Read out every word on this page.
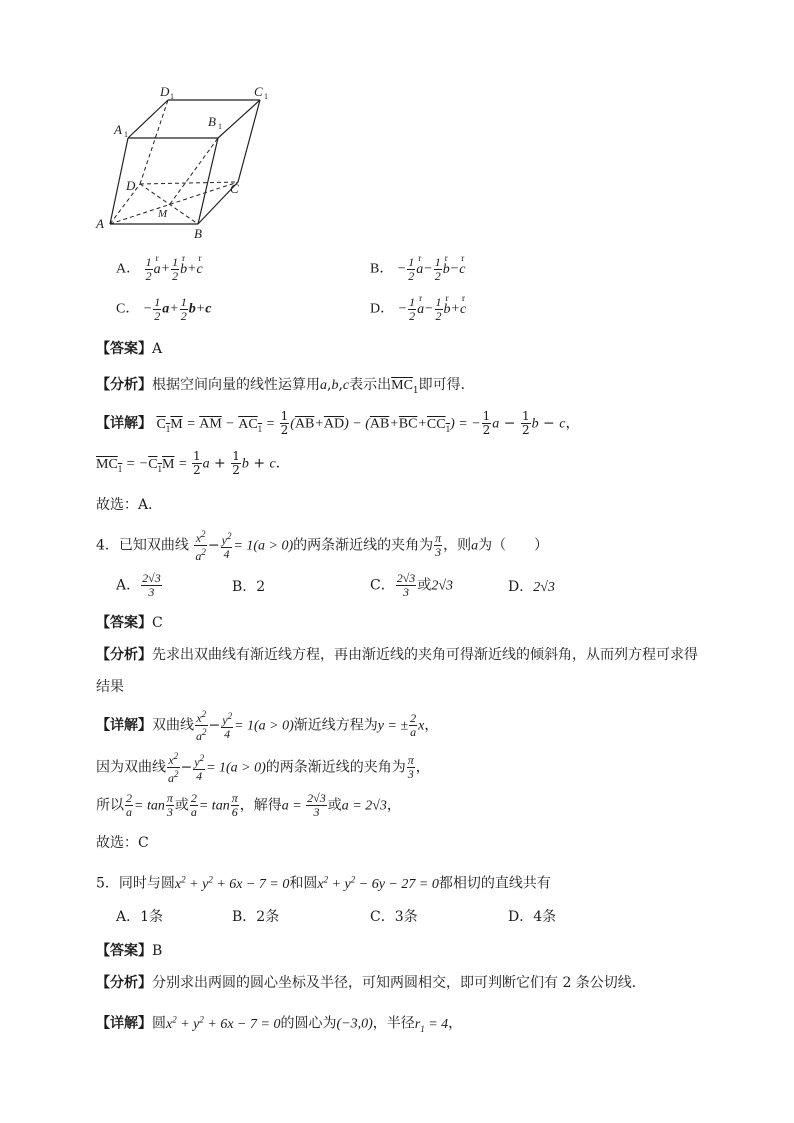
D 1	C 1
A 1
B 1
D	C
A
B
M
A． $\frac{1}{2}$ r $a+ \frac{1}{2}$ r b+r c	B． − $\frac{1}{2}$ r $a- \frac{1}{2}$ r b−r c
C． − $\frac{1}{2} a+ \frac{1}{2} b+c$	D． − $\frac{1}{2}$ r $a- \frac{1}{2}$ r b+r c
【答案】A
【分析】根据空间向量的线性运算用a,b,c表示出$\overline{MC}_1$即可得．
【详解】 $C_1M = \overline{AM} - AC_1 = \frac{1}{2} (\overline{AB}+\overline{AD}) - (\overline{AB}+\overline{BC}+CC_1)$ = − $\frac{1}{2}$ $a - \frac{1}{2}$ b − c，
$MC_1 = -C_1M = \frac{1}{2}$ $a + \frac{1}{2}$ b + c．
故选：A．
4．已知双曲线 $\frac{x^2}{a^2} - \frac{y^2}{4} = 1(a > 0)$的两条渐近线的夹角为 $\frac{\pi}{3}$ ，则a为（　　）
A． $\frac{2√3}{3}$	B．2	C． $\frac{2√3}{3}$ 或2√3	D．2√3
【答案】C
【分析】先求出双曲线有渐近线方程，再由渐近线的夹角可得渐近线的倾斜角，从而列方程可求得
结果
【详解】双曲线 $\frac{x^2}{a^2} - \frac{y^2}{4} = 1(a > 0)$渐近线方程为y = ± $\frac{2}{a}$ x，
因为双曲线 $\frac{x^2}{a^2} - \frac{y^2}{4} = 1(a > 0)$的两条渐近线的夹角为 $\frac{\pi}{3}$ ，
所以 $\frac{2}{a} = \tan \frac{\pi}{3}$ 或 $\frac{2}{a} = \tan \frac{\pi}{6}$ ，解得$a = \frac{2√3}{3}$ 或a = 2√3，
故选：C
5．同时与圆$x^2 + y^2 + 6x - 7 = 0$和圆$x^2 + y^2 - 6y - 27 = 0$都相切的直线共有
A．1条	B．2条	C．3条	D．4条
【答案】B
【分析】分别求出两圆的圆心坐标及半径，可知两圆相交，即可判断它们有 2 条公切线．
【详解】圆$x^2 + y^2 + 6x - 7 = 0$的圆心为(−3,0)，半径$r_1 = 4$，
